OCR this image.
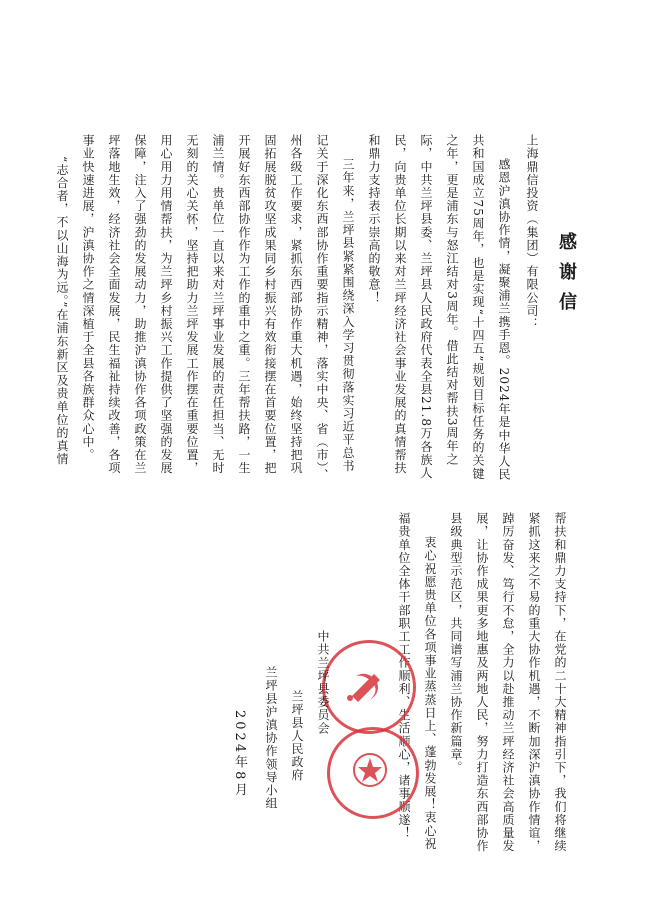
感谢信
上海鼎信投资（集团）有限公司：
感恩沪滇协作情，凝聚浦兰携手恩。2024年是中华人民
共和国成立75周年，也是实现“十四五”规划目标任务的关键
之年，更是浦东与怒江结对3周年。借此结对帮扶3周年之
际，中共兰坪县委、兰坪县人民政府代表全县21.8万各族人
民，向贵单位长期以来对兰坪经济社会事业发展的真情帮扶
和鼎力支持表示崇高的敬意！
三年来，兰坪县紧紧围绕深入学习贯彻落实习近平总书
记关于深化东西部协作重要指示精神，落实中央、省（市）、
州各级工作要求，紧抓东西部协作重大机遇，始终坚持把巩
固拓展脱贫攻坚成果同乡村振兴有效衔接摆在首要位置，把
开展好东西部协作作为工作的重中之重。三年帮扶路，一生
浦兰情。贵单位一直以来对兰坪事业发展的责任担当、无时
无刻的关心关怀，坚持把助力兰坪发展工作摆在重要位置，
用心用力用情帮扶，为兰坪乡村振兴工作提供了坚强的发展
保障，注入了强劲的发展动力，助推沪滇协作各项政策在兰
坪落地生效，经济社会全面发展，民生福祉持续改善，各项
事业快速进展，沪滇协作之情深植于全县各族群众心中。
“志合者，不以山海为远。”在浦东新区及贵单位的真情
帮扶和鼎力支持下，在党的二十大精神指引下，我们将继续
紧抓这来之不易的重大协作机遇，不断加深沪滇协作情谊，
踔厉奋发、笃行不怠，全力以赴推动兰坪经济社会高质量发
展，让协作成果更多地惠及两地人民，努力打造东西部协作
县级典型示范区，共同谱写浦兰协作新篇章。
衷心祝愿贵单位各项事业蒸蒸日上、蓬勃发展！衷心祝
福贵单位全体干部职工工作顺利、生活顺心，诸事顺遂！
中共兰坪县委员会
兰坪县人民政府
兰坪县沪滇协作领导小组
2024年8月
